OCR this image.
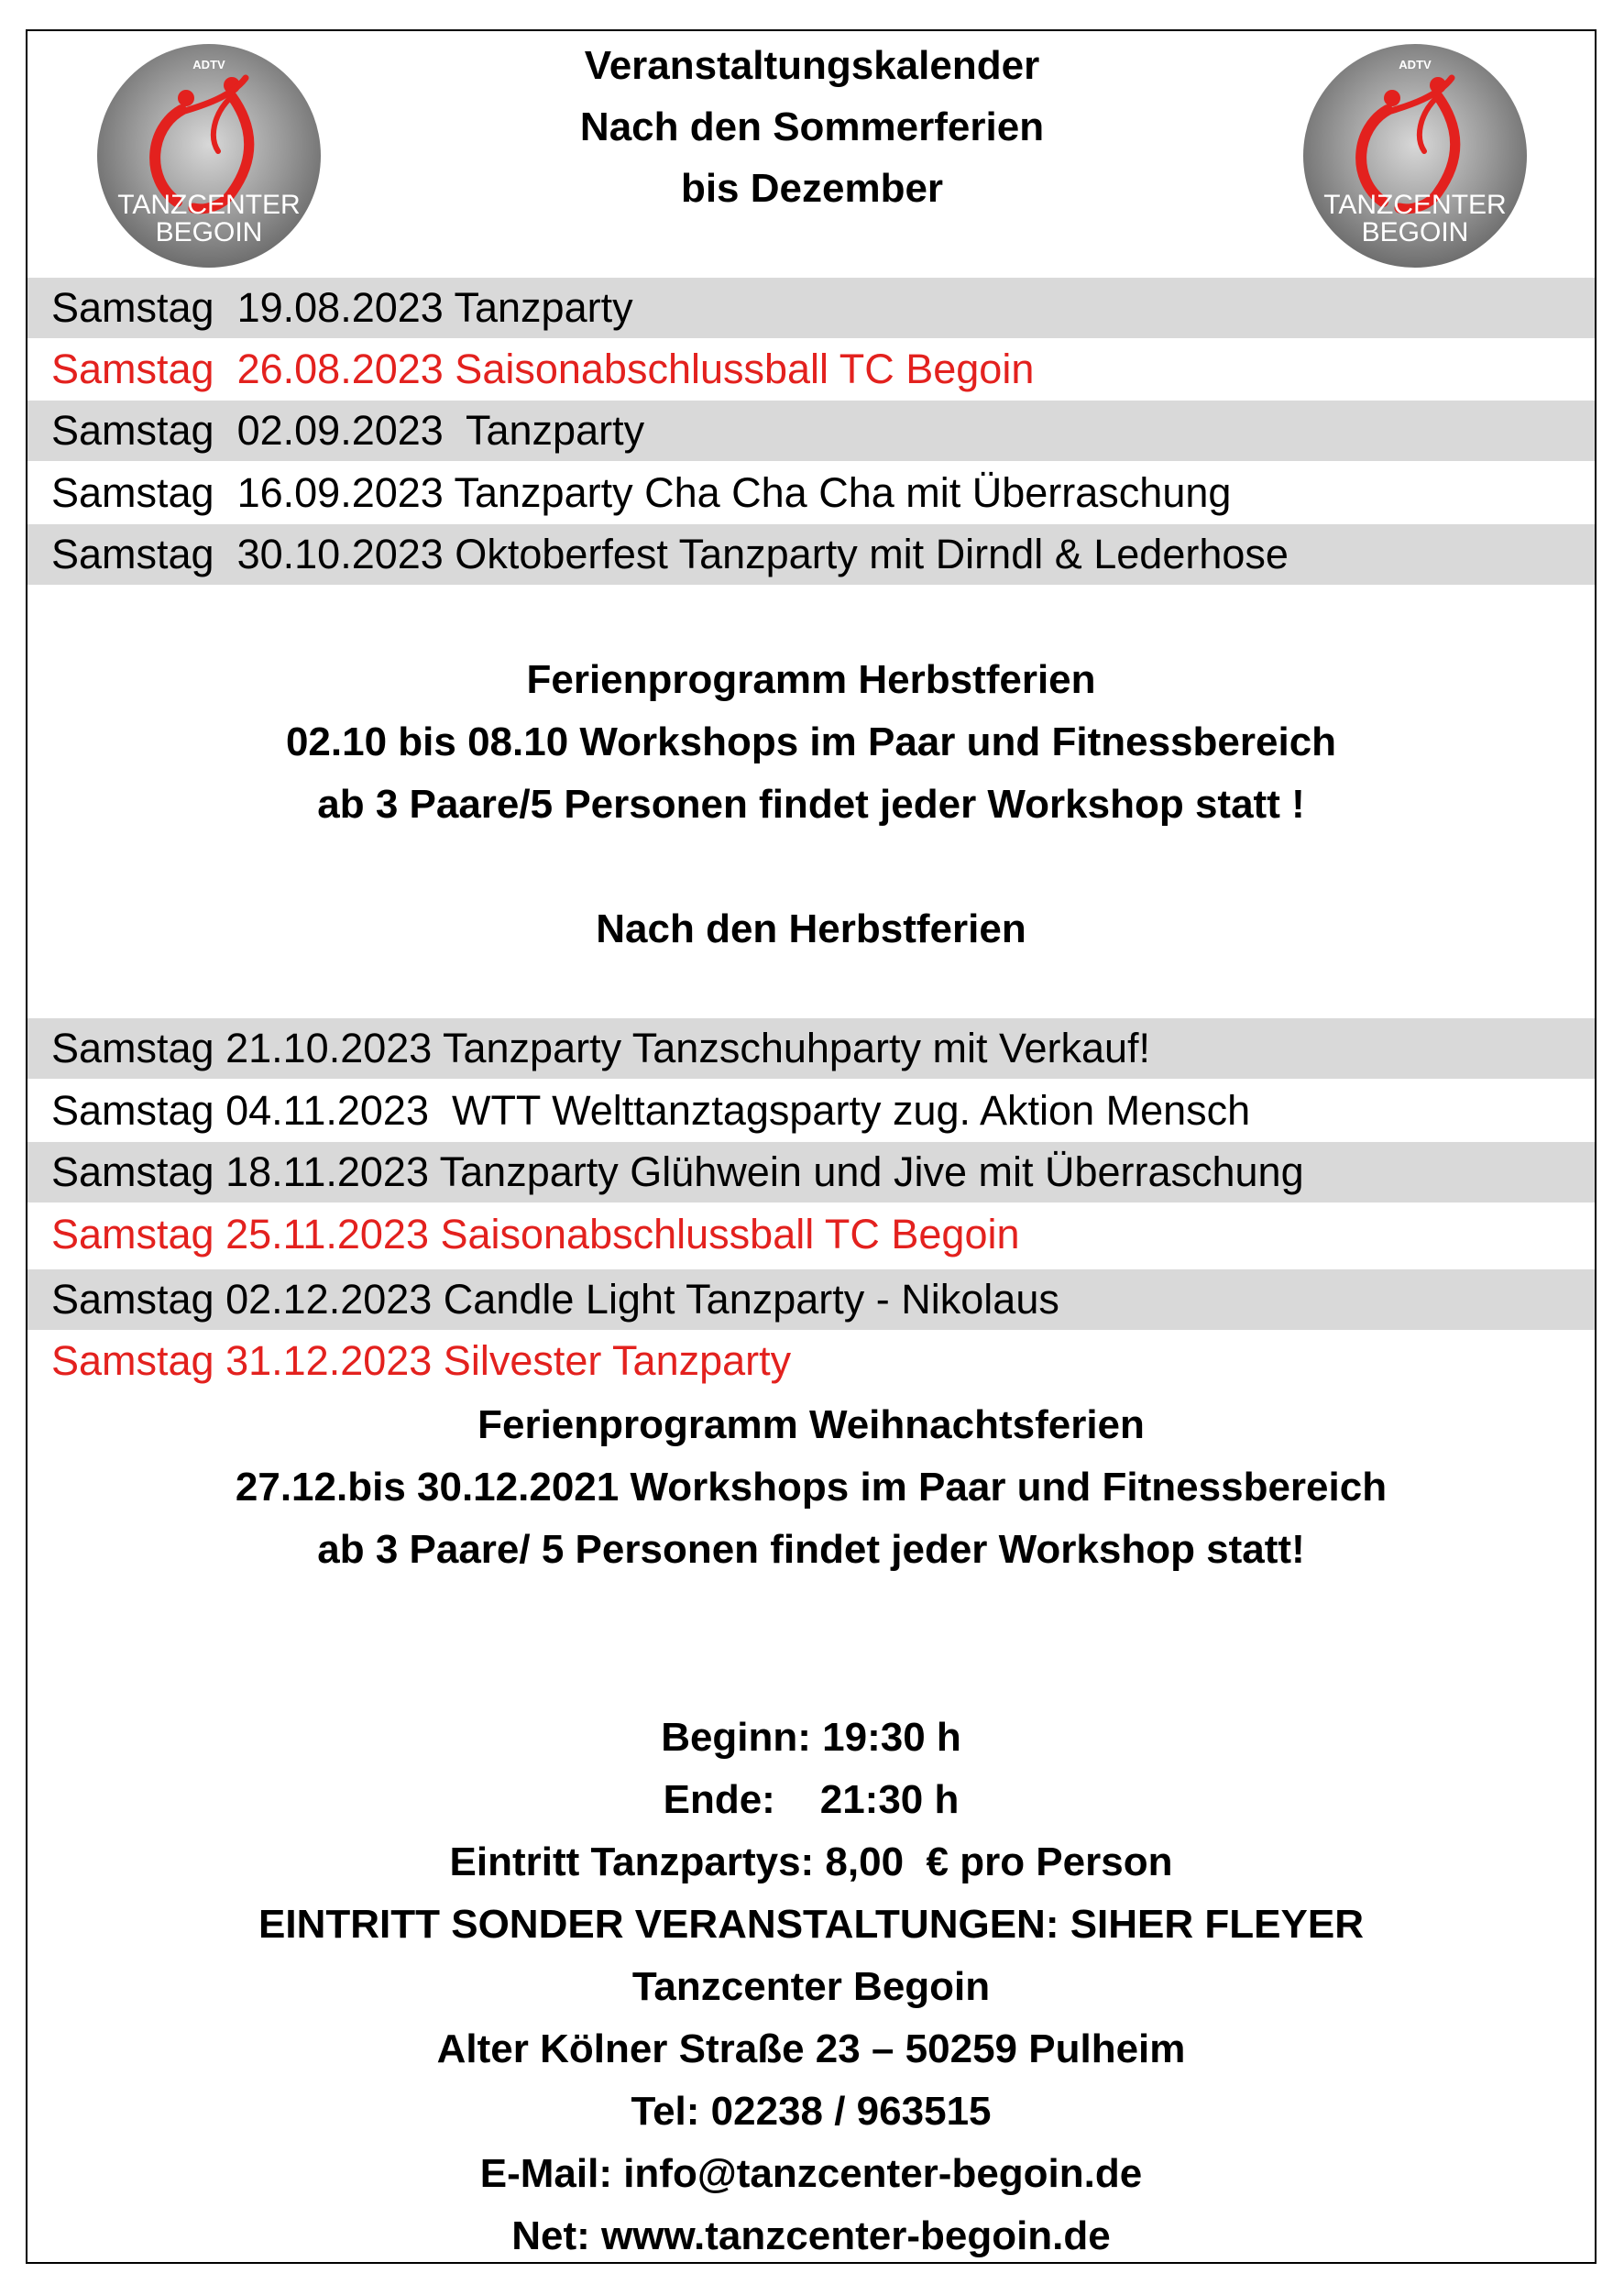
ADTV
TANZCENTER
BEGOIN
ADTV
TANZCENTER
BEGOIN
Veranstaltungskalender
Nach den Sommerferien
bis Dezember
Samstag  19.08.2023 Tanzparty
Samstag  26.08.2023 Saisonabschlussball TC Begoin
Samstag  02.09.2023  Tanzparty
Samstag  16.09.2023 Tanzparty Cha Cha Cha mit Überraschung
Samstag  30.10.2023 Oktoberfest Tanzparty mit Dirndl & Lederhose
Ferienprogramm Herbstferien
02.10 bis 08.10 Workshops im Paar und Fitnessbereich
ab 3 Paare/5 Personen findet jeder Workshop statt !
Nach den Herbstferien
Samstag 21.10.2023 Tanzparty Tanzschuhparty mit Verkauf!
Samstag 04.11.2023  WTT Welttanztagsparty zug. Aktion Mensch
Samstag 18.11.2023 Tanzparty Glühwein und Jive mit Überraschung
Samstag 25.11.2023 Saisonabschlussball TC Begoin
Samstag 02.12.2023 Candle Light Tanzparty - Nikolaus
Samstag 31.12.2023 Silvester Tanzparty
Ferienprogramm Weihnachtsferien
27.12.bis 30.12.2021 Workshops im Paar und Fitnessbereich
ab 3 Paare/ 5 Personen findet jeder Workshop statt!
Beginn: 19:30 h
Ende:    21:30 h
Eintritt Tanzpartys: 8,00  € pro Person
EINTRITT SONDER VERANSTALTUNGEN: SIHER FLEYER
Tanzcenter Begoin
Alter Kölner Straße 23 – 50259 Pulheim
Tel: 02238 / 963515
E-Mail: info@tanzcenter-begoin.de
Net: www.tanzcenter-begoin.de
